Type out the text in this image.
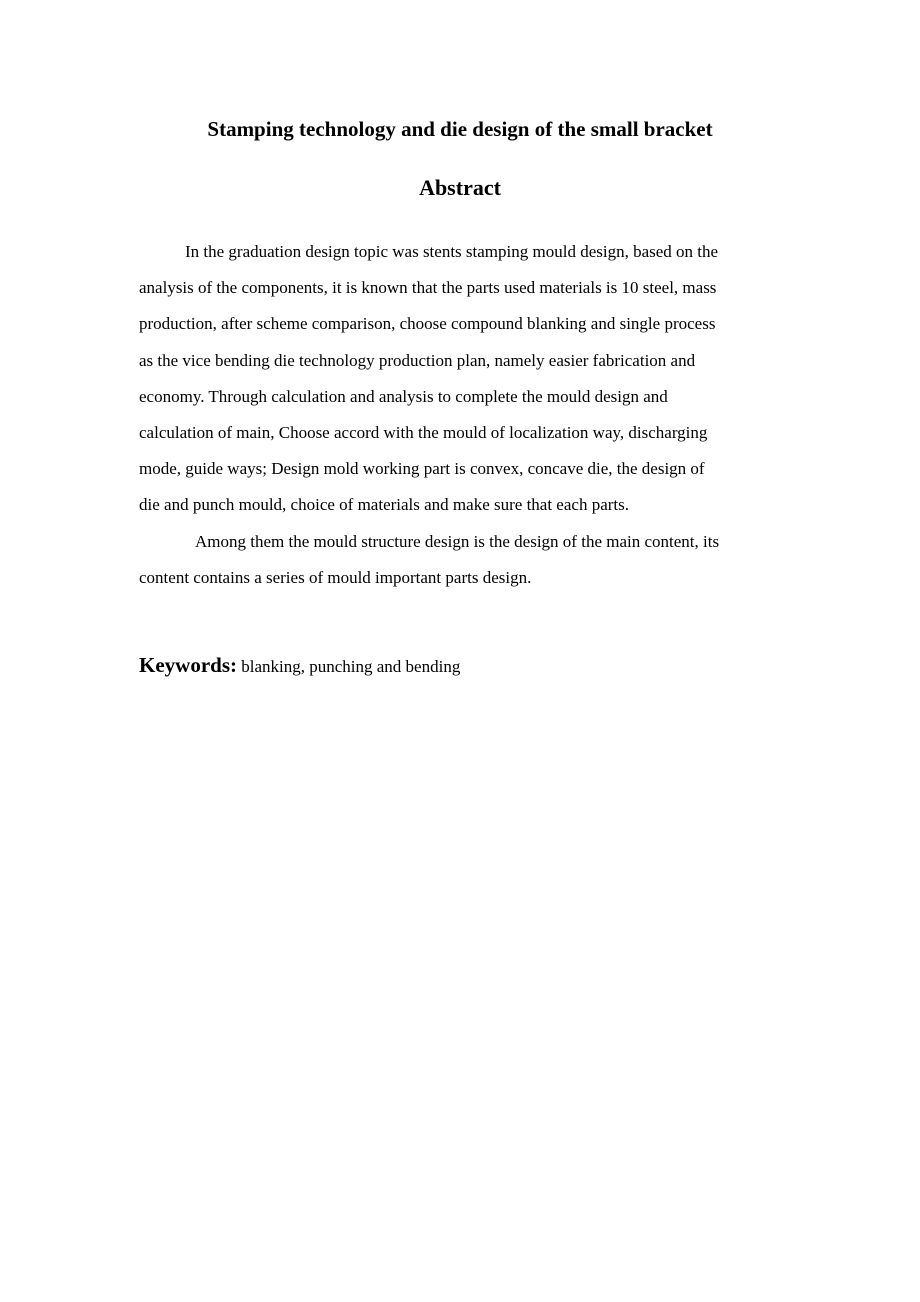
Stamping technology and die design of the small bracket
Abstract
In the graduation design topic was stents stamping mould design, based on the
analysis of the components, it is known that the parts used materials is 10 steel, mass
production, after scheme comparison, choose compound blanking and single process
as the vice bending die technology production plan, namely easier fabrication and
economy. Through calculation and analysis to complete the mould design and
calculation of main, Choose accord with the mould of localization way, discharging
mode, guide ways; Design mold working part is convex, concave die, the design of
die and punch mould, choice of materials and make sure that each parts.
Among them the mould structure design is the design of the main content, its
content contains a series of mould important parts design.
Keywords: blanking, punching and bending
